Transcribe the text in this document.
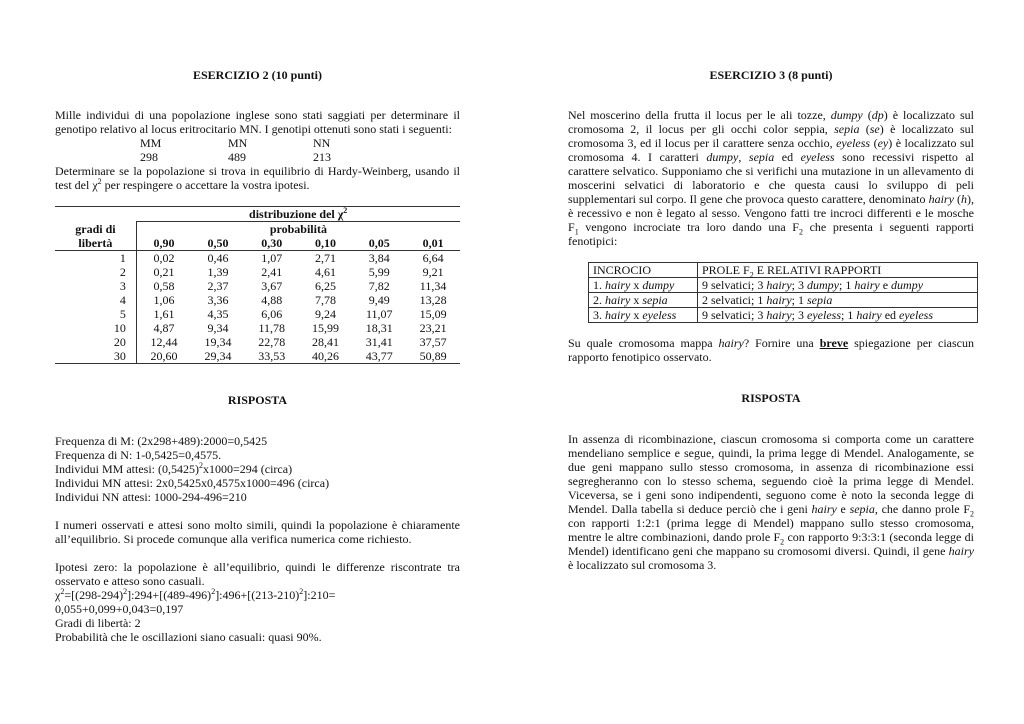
ESERCIZIO 2 (10 punti)
Mille individui di una popolazione inglese sono stati saggiati per determinare il genotipo relativo al locus eritrocitario MN. I genotipi ottenuti sono stati i seguenti:
MM	MN	NN
298	489	213
Determinare se la popolazione si trova in equilibrio di Hardy-Weinberg, usando il
test del $\chi^2$ per respingere o accettare la vostra ipotesi.
	distribuzione del $\chi^2$
gradi di	probabilità					
libertà	0,90	0,50	0,30	0,10	0,05	0,01
1	0,02	0,46	1,07	2,71	3,84	6,64
2	0,21	1,39	2,41	4,61	5,99	9,21
3	0,58	2,37	3,67	6,25	7,82	11,34
4	1,06	3,36	4,88	7,78	9,49	13,28
5	1,61	4,35	6,06	9,24	11,07	15,09
10	4,87	9,34	11,78	15,99	18,31	23,21
20	12,44	19,34	22,78	28,41	31,41	37,57
30	20,60	29,34	33,53	40,26	43,77	50,89
RISPOSTA
Frequenza di M: (2x298+489):2000=0,5425
Frequenza di N: 1-0,5425=0,4575.
Individui MM attesi: $(0,5425)^2x1000=294$ (circa)
Individui MN attesi: 2x0,5425x0,4575x1000=496 (circa)
Individui NN attesi: 1000-294-496=210
I numeri osservati e attesi sono molto simili, quindi la popolazione è chiaramente all’equilibrio. Si procede comunque alla verifica numerica come richiesto.
Ipotesi zero: la popolazione è all’equilibrio, quindi le differenze riscontrate tra osservato e atteso sono casuali.
$\chi^2=[(298-294)^2]:294+[(489-496)^2]:496+[(213-210)^2]:210=$
0,055+0,099+0,043=0,197
Gradi di libertà: 2
Probabilità che le oscillazioni siano casuali: quasi 90%.
ESERCIZIO 3 (8 punti)
Nel moscerino della frutta il locus per le ali tozze, dumpy (dp) è localizzato sul
cromosoma 2, il locus per gli occhi color seppia, sepia (se) è localizzato sul
cromosoma 3, ed il locus per il carattere senza occhio, eyeless (ey) è localizzato sul
cromosoma 4. I caratteri dumpy, sepia ed eyeless sono recessivi rispetto al
carattere selvatico. Supponiamo che si verifichi una mutazione in un allevamento di moscerini selvatici di laboratorio e che questa causi lo sviluppo di peli supplementari sul corpo. Il gene che provoca questo carattere, denominato hairy (h), è recessivo e non è legato al sesso. Vengono fatti tre incroci differenti e le mosche $F_1$ vengono incrociate tra loro dando una $F_2$ che presenta i seguenti rapporti fenotipici:
INCROCIO	PROLE $F_2$ E RELATIVI RAPPORTI
1. hairy x dumpy	9 selvatici; 3 hairy; 3 dumpy; 1 hairy e dumpy
2. hairy x sepia	2 selvatici; 1 hairy; 1 sepia
3. hairy x eyeless	9 selvatici; 3 hairy; 3 eyeless; 1 hairy ed eyeless
Su quale cromosoma mappa hairy? Fornire una breve spiegazione per ciascun rapporto fenotipico osservato.
RISPOSTA
In assenza di ricombinazione, ciascun cromosoma si comporta come un carattere mendeliano semplice e segue, quindi, la prima legge di Mendel. Analogamente, se due geni mappano sullo stesso cromosoma, in assenza di ricombinazione essi segregheranno con lo stesso schema, seguendo cioè la prima legge di Mendel. Viceversa, se i geni sono indipendenti, seguono come è noto la seconda legge di Mendel. Dalla tabella si deduce perciò che i geni hairy e sepia, che danno prole $F_2$ con rapporti 1:2:1 (prima legge di Mendel) mappano sullo stesso cromosoma, mentre le altre combinazioni, dando prole $F_2$ con rapporto 9:3:3:1 (seconda legge di Mendel) identificano geni che mappano su cromosomi diversi. Quindi, il gene hairy è localizzato sul cromosoma 3.
